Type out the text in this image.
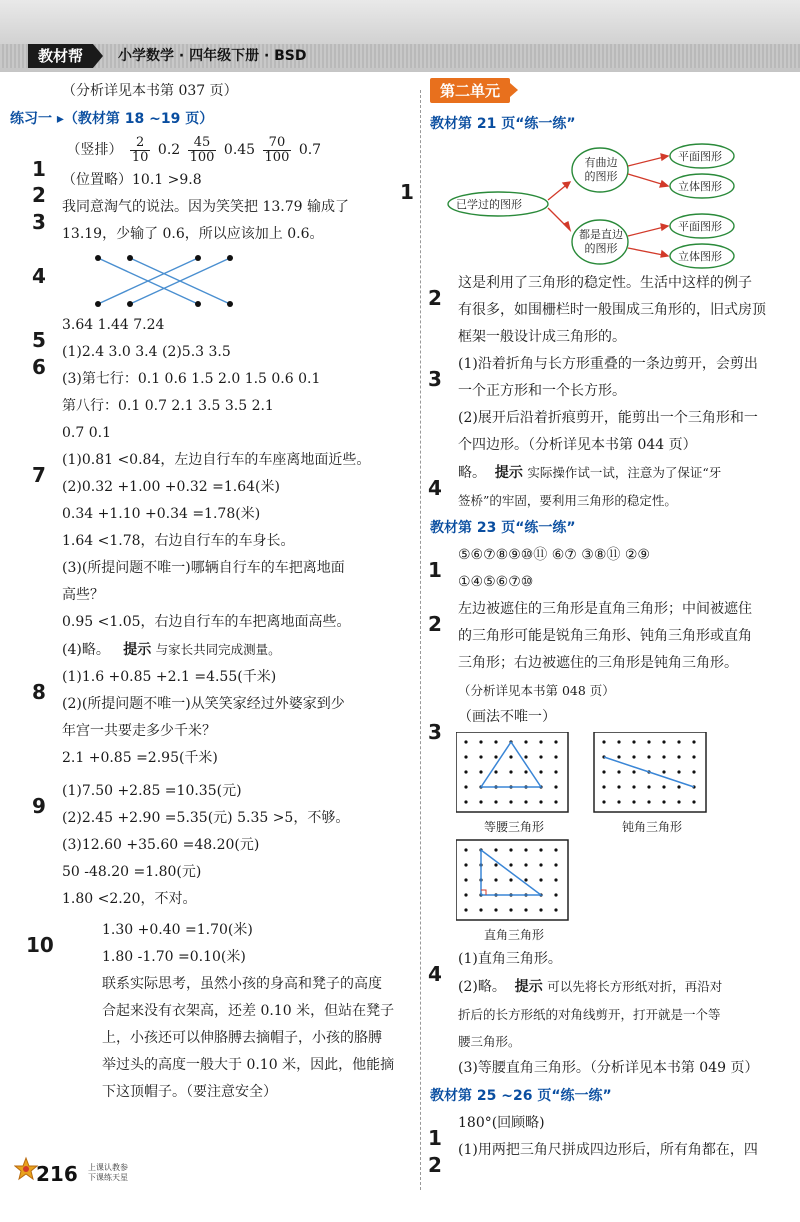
教材帮	小学数学 · 四年级下册 · BSD
（分析详见本书第 037 页）
练习一 ▸（教材第 18 ~19 页）
1
（竖排） $\frac{2}{10} 0.2 \frac{45}{100} 0.45 \frac{70}{100} 0.7$
2
（位置略）10.1 >9.8
3
我同意淘气的说法。因为笑笑把 13.79 输成了
13.19，少输了 0.6，所以应该加上 0.6。
4
5
3.64 1.44 7.24
6
(1)2.4 3.0 3.4 (2)5.3 3.5
(3)第七行：0.1 0.6 1.5 2.0 1.5 0.6 0.1
第八行：0.1 0.7 2.1 3.5 3.5 2.1
0.7 0.1
7
(1)0.81 <0.84，左边自行车的车座离地面近些。
(2)0.32 +1.00 +0.32 =1.64(米)
0.34 +1.10 +0.34 =1.78(米)
1.64 <1.78，右边自行车的车身长。
(3)(所提问题不唯一)哪辆自行车的车把离地面
高些？
0.95 <1.05，右边自行车的车把离地面高些。
(4)略。 提示 与家长共同完成测量。
8
(1)1.6 +0.85 +2.1 =4.55(千米)
(2)(所提问题不唯一)从笑笑家经过外婆家到少
年宫一共要走多少千米？
2.1 +0.85 =2.95(千米)
9
(1)7.50 +2.85 =10.35(元)
(2)2.45 +2.90 =5.35(元) 5.35 >5，不够。
(3)12.60 +35.60 =48.20(元)
50 -48.20 =1.80(元)
1.80 <2.20，不对。
10
1.30 +0.40 =1.70(米)
1.80 -1.70 =0.10(米)
联系实际思考，虽然小孩的身高和凳子的高度
合起来没有衣架高，还差 0.10 米，但站在凳子
上，小孩还可以伸胳膊去摘帽子，小孩的胳膊
举过头的高度一般大于 0.10 米，因此，他能摘
下这顶帽子。（要注意安全）
第二单元
教材第 21 页“练一练”
1
已学过的图形
有曲边的图形
都是直边的图形
平面图形
立体图形
平面图形
立体图形
2
这是利用了三角形的稳定性。生活中这样的例子
有很多，如围栅栏时一般围成三角形的，旧式房顶
框架一般设计成三角形的。
3
(1)沿着折角与长方形重叠的一条边剪开，会剪出
一个正方形和一个长方形。
(2)展开后沿着折痕剪开，能剪出一个三角形和一
个四边形。（分析详见本书第 044 页）
4
略。 提示 实际操作试一试，注意为了保证“牙
签桥”的牢固，要利用三角形的稳定性。
教材第 23 页“练一练”
1
⑤⑥⑦⑧⑨⑩⑪ ⑥⑦ ③⑧⑪ ②⑨
①④⑤⑥⑦⑩
2
左边被遮住的三角形是直角三角形；中间被遮住
的三角形可能是锐角三角形、钝角三角形或直角
三角形；右边被遮住的三角形是钝角三角形。
（分析详见本书第 048 页）
3
（画法不唯一）
等腰三角形	钝角三角形
直角三角形
4
(1)直角三角形。
(2)略。 提示 可以先将长方形纸对折，再沿对
折后的长方形纸的对角线剪开，打开就是一个等
腰三角形。
(3)等腰直角三角形。（分析详见本书第 049 页）
教材第 25 ~26 页“练一练”
1
180°(回顾略)
2
(1)用两把三角尺拼成四边形后，所有角都在，四
216 上课认教参
下课练天星
